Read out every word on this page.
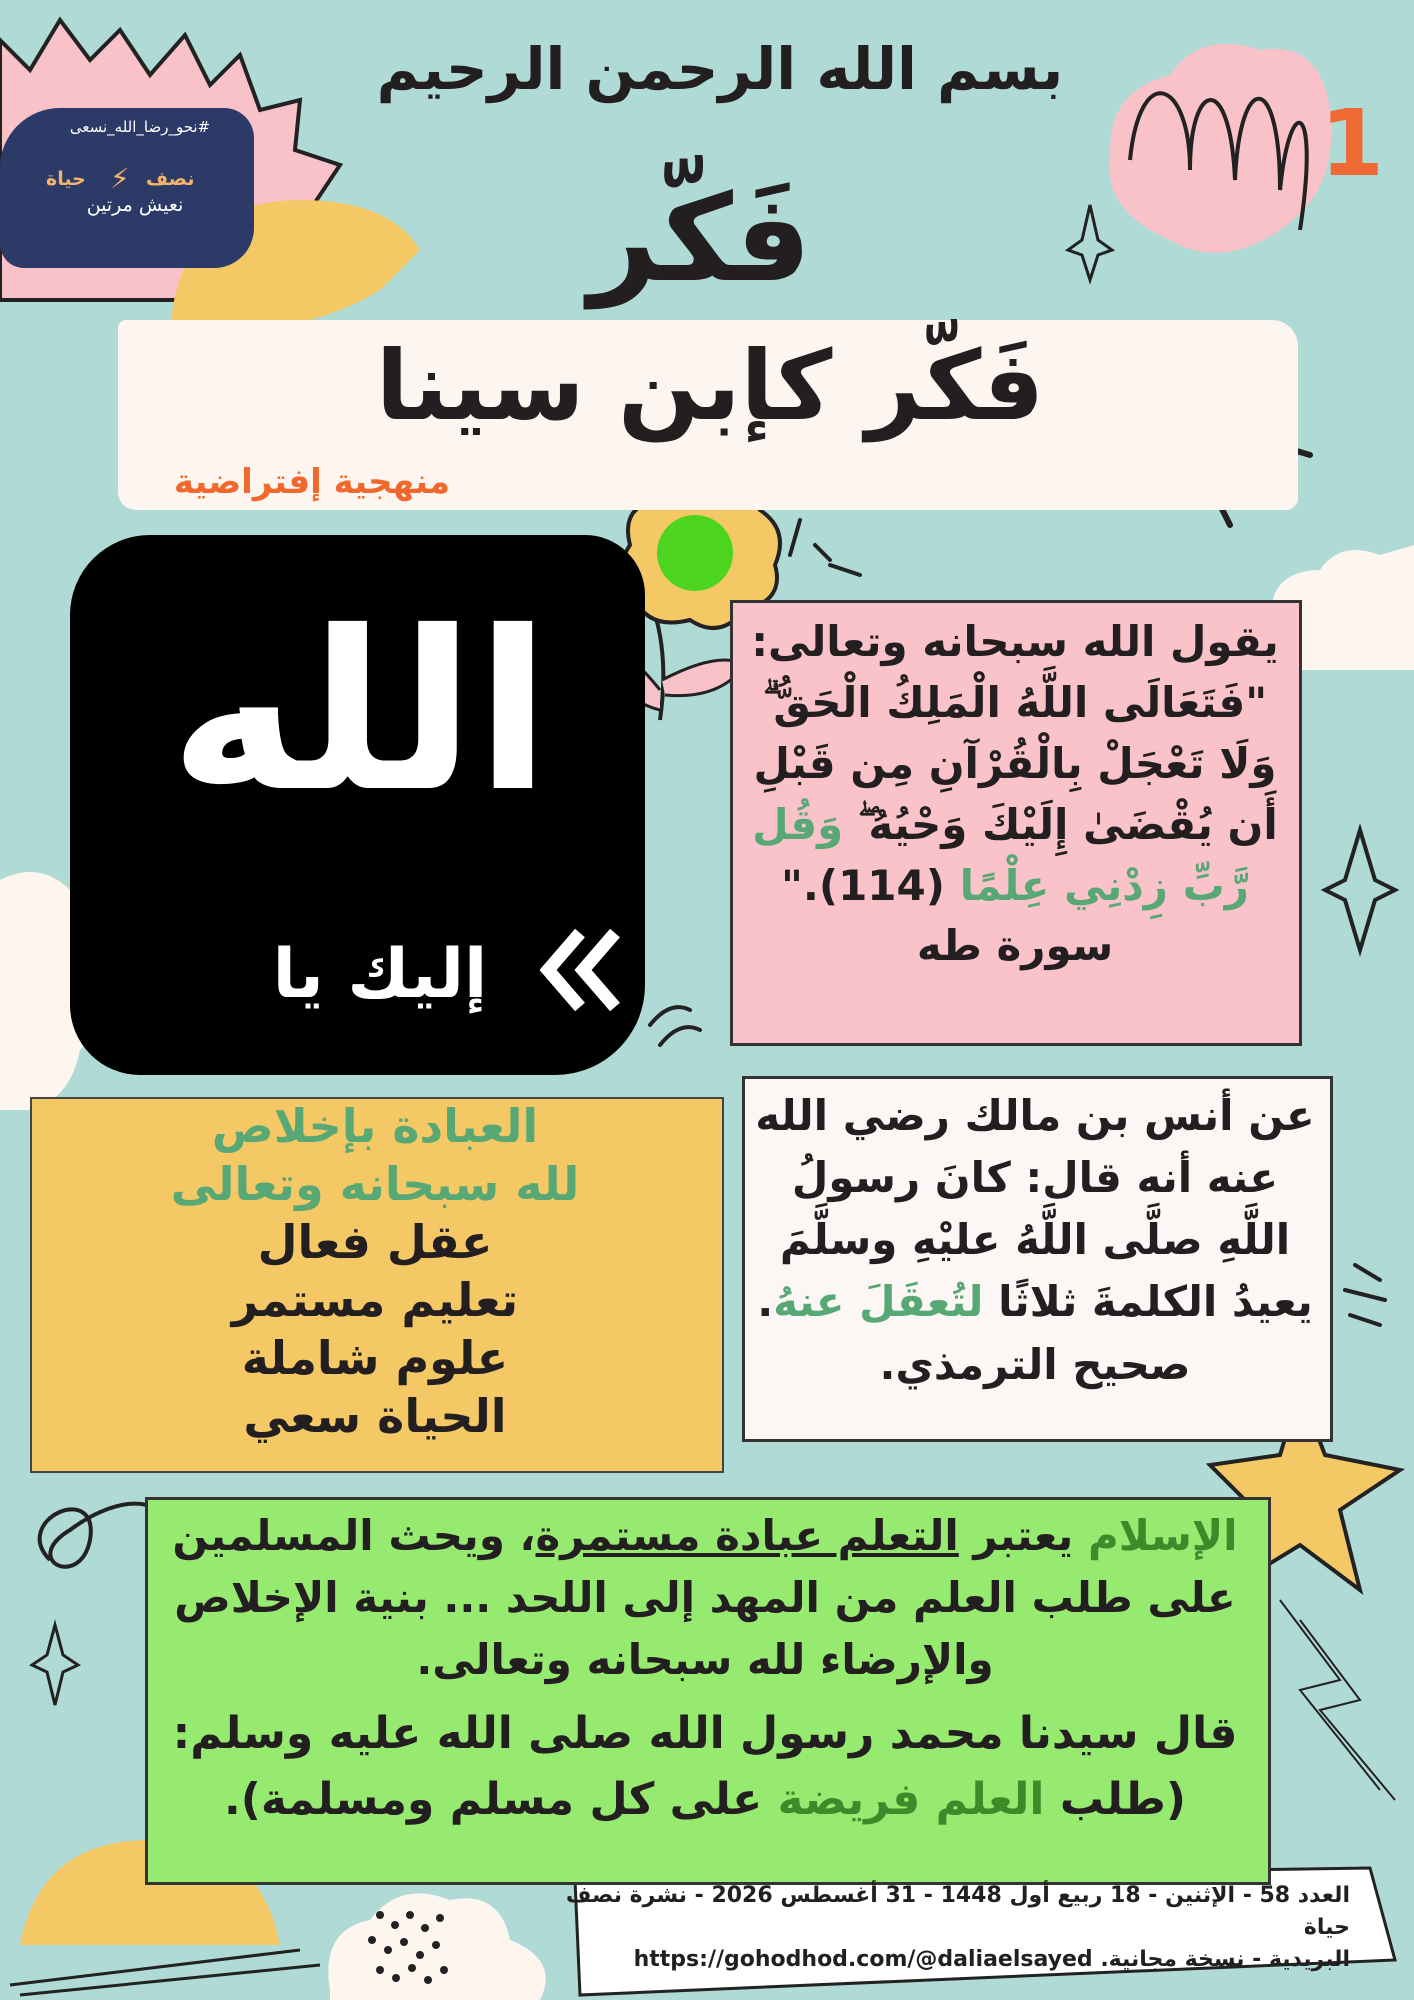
#نحو_رضا_الله_نسعى
نصف
⚡
حياة
نعيش مرتين
بسم الله الرحمن الرحيم
1
فَكّر
فَكّر كإبن سينا
منهجية إفتراضية
الله
إليك يا
يقول الله سبحانه وتعالى: "فَتَعَالَى اللَّهُ الْمَلِكُ الْحَقُّ ۗ وَلَا تَعْجَلْ بِالْقُرْآنِ مِن قَبْلِ أَن يُقْضَىٰ إِلَيْكَ وَحْيُهُ ۖ وَقُل رَّبِّ زِدْنِي عِلْمًا (114)." سورة طه
عن أنس بن مالك رضي الله عنه أنه قال: كانَ رسولُ اللَّهِ صلَّى اللَّهُ عليْهِ وسلَّمَ يعيدُ الكلمةَ ثلاثًا لتُعقَلَ عنهُ.
صحيح الترمذي.
العبادة بإخلاص
لله سبحانه وتعالى
عقل فعال
تعليم مستمر
علوم شاملة
الحياة سعي
الإسلام يعتبر التعلم عبادة مستمرة، ويحث المسلمين على طلب العلم من المهد إلى اللحد ... بنية الإخلاص والإرضاء لله سبحانه وتعالى.
قال سيدنا محمد رسول الله صلى الله عليه وسلم:
(طلب العلم فريضة على كل مسلم ومسلمة).
العدد 58 - الإثنين - 18 ربيع أول 1448 - 31 أغسطس 2026 - نشرة نصف حياة
البريدية - نسخة مجانية. https://gohodhod.com/@daliaelsayed
